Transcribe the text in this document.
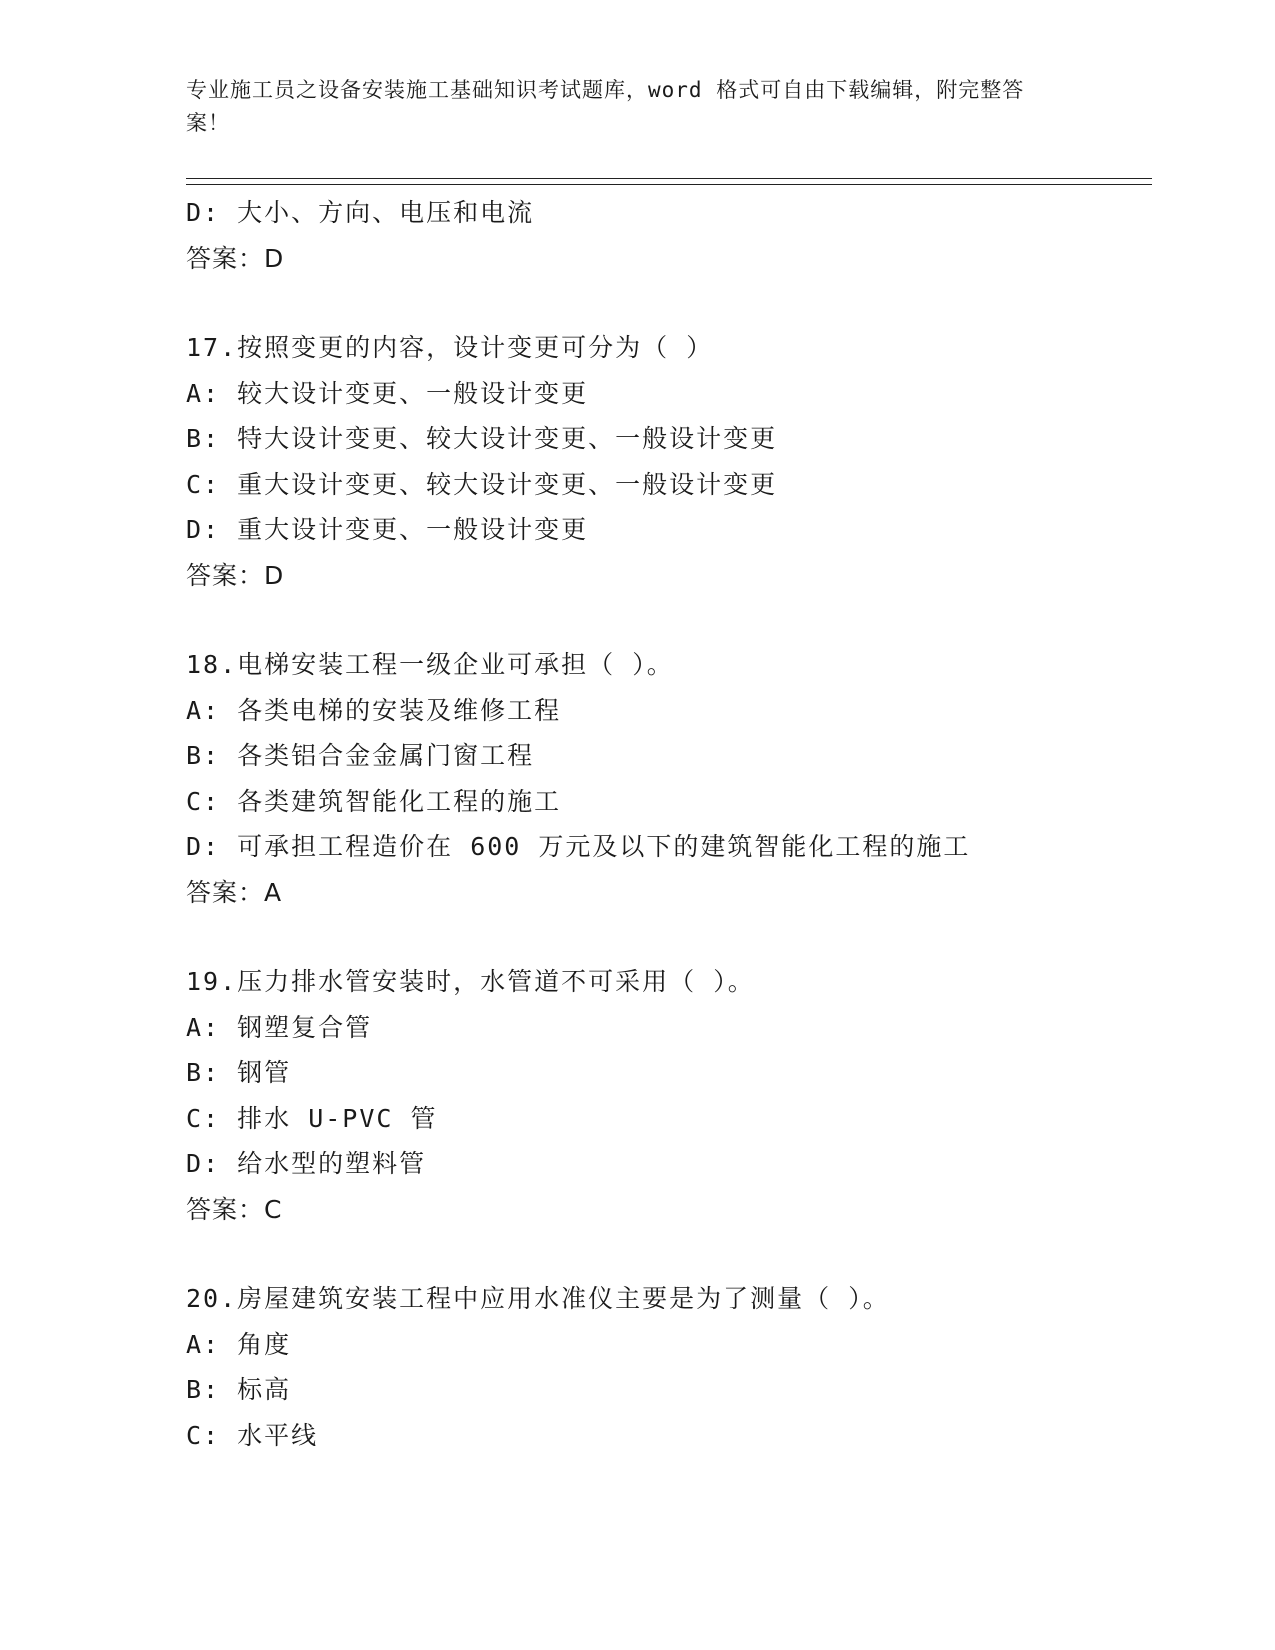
专业施工员之设备安装施工基础知识考试题库，word 格式可自由下载编辑，附完整答案！
D: 大小、方向、电压和电流
答案：D
17.按照变更的内容，设计变更可分为（ ）
A: 较大设计变更、一般设计变更
B: 特大设计变更、较大设计变更、一般设计变更
C: 重大设计变更、较大设计变更、一般设计变更
D: 重大设计变更、一般设计变更
答案：D
18.电梯安装工程一级企业可承担（ ）。
A: 各类电梯的安装及维修工程
B: 各类铝合金金属门窗工程
C: 各类建筑智能化工程的施工
D: 可承担工程造价在 600 万元及以下的建筑智能化工程的施工
答案：A
19.压力排水管安装时，水管道不可采用（ ）。
A: 钢塑复合管
B: 钢管
C: 排水 U-PVC 管
D: 给水型的塑料管
答案：C
20.房屋建筑安装工程中应用水准仪主要是为了测量（ ）。
A: 角度
B: 标高
C: 水平线
